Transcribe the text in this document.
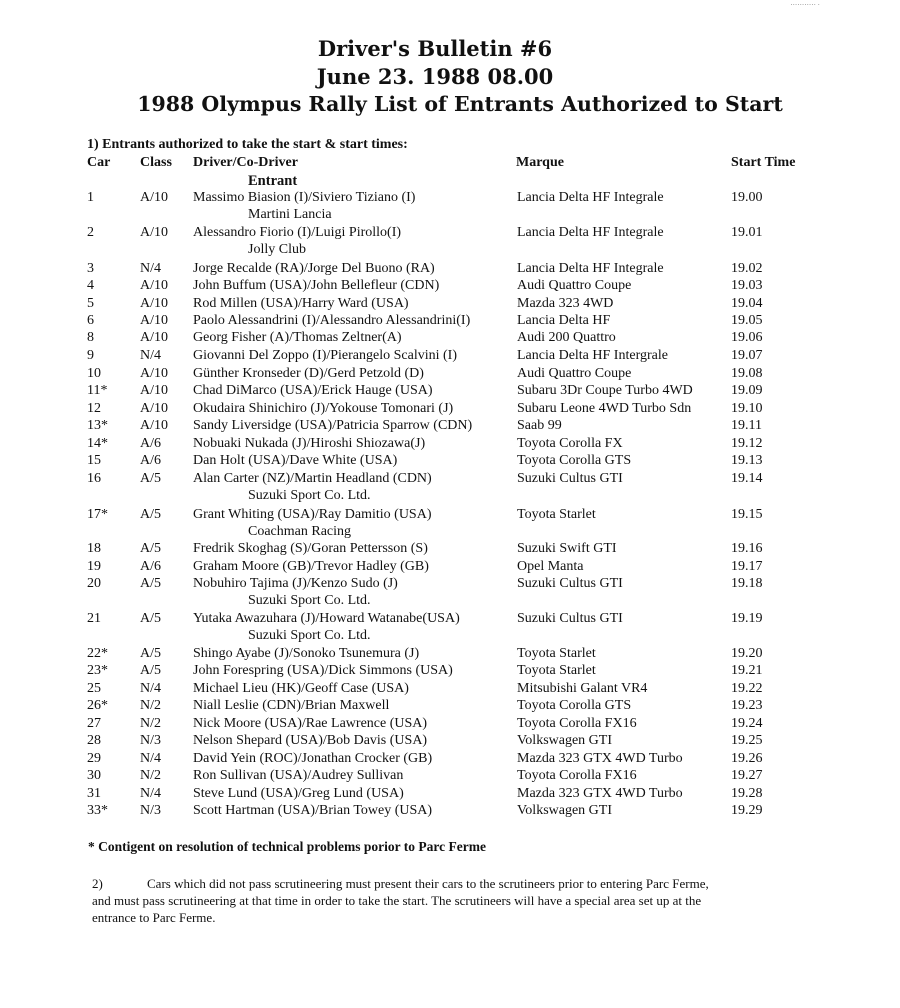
··········· ·
Driver's Bulletin #6
June 23. 1988 08.00
1988 Olympus Rally List of Entrants Authorized to Start
1) Entrants authorized to take the start & start times:
Car Class Driver/Co-Driver	Marque	Start Time
Entrant
1	A/10 Massimo Biasion (I)/Siviero Tiziano (I)	Lancia Delta HF Integrale	19.00
Martini Lancia
2	A/10 Alessandro Fiorio (I)/Luigi Pirollo(I)	Lancia Delta HF Integrale	19.01
Jolly Club
3	N/4 Jorge Recalde (RA)/Jorge Del Buono (RA)	Lancia Delta HF Integrale	19.02
4	A/10 John Buffum (USA)/John Bellefleur (CDN)	Audi Quattro Coupe	19.03
5	A/10 Rod Millen (USA)/Harry Ward (USA)	Mazda 323 4WD	19.04
6	A/10 Paolo Alessandrini (I)/Alessandro Alessandrini(I)	Lancia Delta HF	19.05
8	A/10 Georg Fisher (A)/Thomas Zeltner(A)	Audi 200 Quattro	19.06
9	N/4 Giovanni Del Zoppo (I)/Pierangelo Scalvini (I)	Lancia Delta HF Intergrale	19.07
10	A/10 Günther Kronseder (D)/Gerd Petzold (D)	Audi Quattro Coupe	19.08
11* A/10 Chad DiMarco (USA)/Erick Hauge (USA)	Subaru 3Dr Coupe Turbo 4WD	19.09
12	A/10 Okudaira Shinichiro (J)/Yokouse Tomonari (J)	Subaru Leone 4WD Turbo Sdn	19.10
13* A/10 Sandy Liversidge (USA)/Patricia Sparrow (CDN)	Saab 99	19.11
14* A/6 Nobuaki Nukada (J)/Hiroshi Shiozawa(J)	Toyota Corolla FX	19.12
15	A/6 Dan Holt (USA)/Dave White (USA)	Toyota Corolla GTS	19.13
16	A/5 Alan Carter (NZ)/Martin Headland (CDN)	Suzuki Cultus GTI	19.14
Suzuki Sport Co. Ltd.
17* A/5 Grant Whiting (USA)/Ray Damitio (USA)	Toyota Starlet	19.15
Coachman Racing
18	A/5 Fredrik Skoghag (S)/Goran Pettersson (S)	Suzuki Swift GTI	19.16
19	A/6 Graham Moore (GB)/Trevor Hadley (GB)	Opel Manta	19.17
20	A/5 Nobuhiro Tajima (J)/Kenzo Sudo (J)	Suzuki Cultus GTI	19.18
Suzuki Sport Co. Ltd.
21	A/5 Yutaka Awazuhara (J)/Howard Watanabe(USA)	Suzuki Cultus GTI	19.19
Suzuki Sport Co. Ltd.
22* A/5 Shingo Ayabe (J)/Sonoko Tsunemura (J)	Toyota Starlet	19.20
23* A/5 John Forespring (USA)/Dick Simmons (USA)	Toyota Starlet	19.21
25	N/4 Michael Lieu (HK)/Geoff Case (USA)	Mitsubishi Galant VR4	19.22
26* N/2 Niall Leslie (CDN)/Brian Maxwell	Toyota Corolla GTS	19.23
27	N/2 Nick Moore (USA)/Rae Lawrence (USA)	Toyota Corolla FX16	19.24
28	N/3 Nelson Shepard (USA)/Bob Davis (USA)	Volkswagen GTI	19.25
29	N/4 David Yein (ROC)/Jonathan Crocker (GB)	Mazda 323 GTX 4WD Turbo	19.26
30	N/2 Ron Sullivan (USA)/Audrey Sullivan	Toyota Corolla FX16	19.27
31	N/4 Steve Lund (USA)/Greg Lund (USA)	Mazda 323 GTX 4WD Turbo	19.28
33* N/3 Scott Hartman (USA)/Brian Towey (USA)	Volkswagen GTI	19.29
* Contigent on resolution of technical problems porior to Parc Ferme
2)	Cars which did not pass scrutineering must present their cars to the scrutineers prior to entering Parc Ferme,
and must pass scrutineering at that time in order to take the start. The scrutineers will have a special area set up at the
entrance to Parc Ferme.
